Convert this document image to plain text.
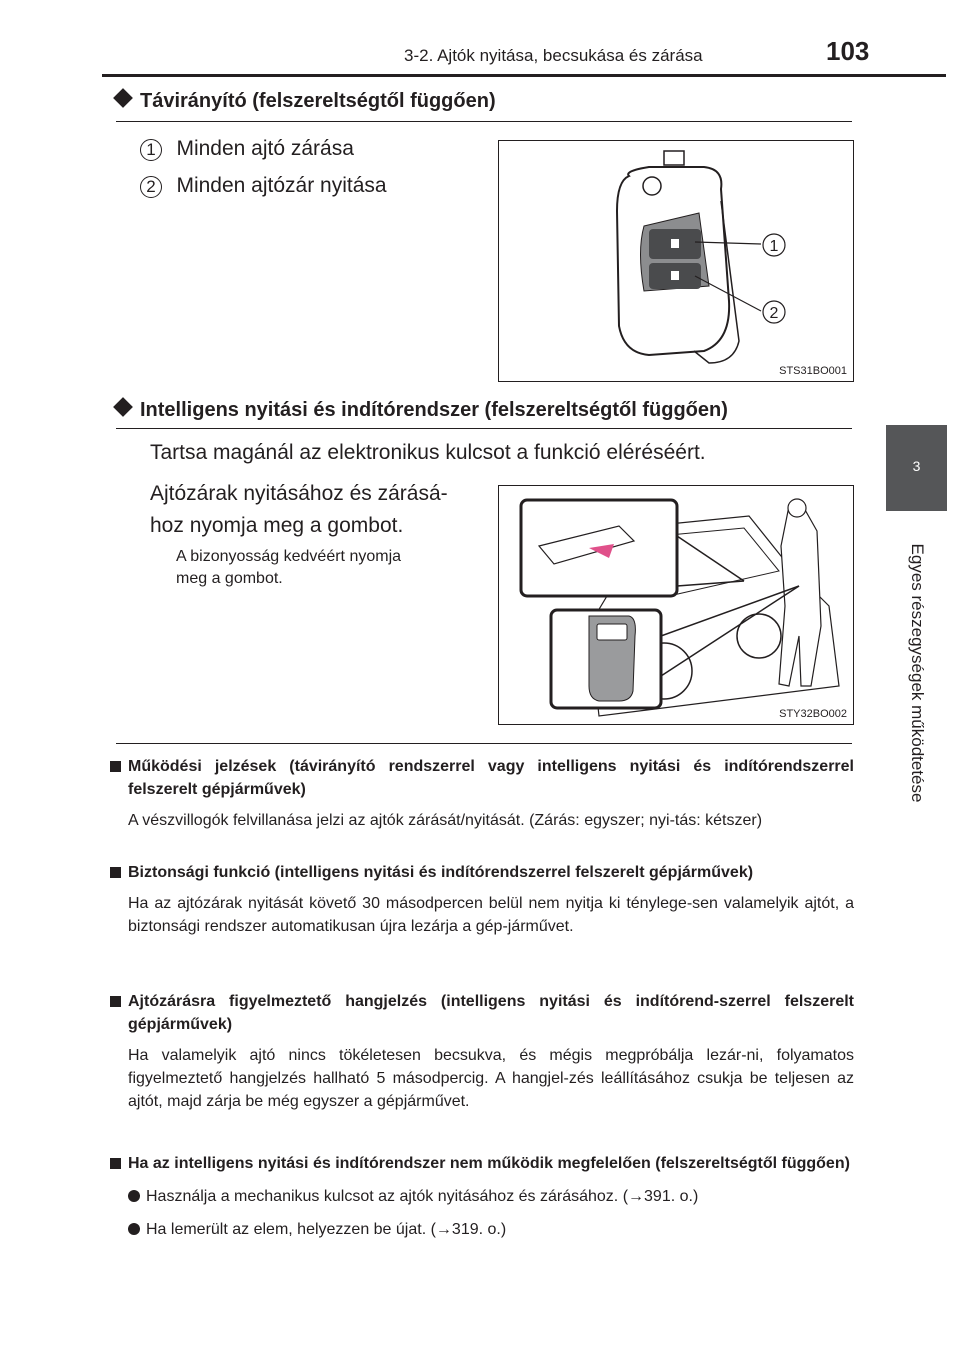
3-2. Ajtók nyitása, becsukása és zárása	103
3
Egyes részegységek működtetése
Távirányító (felszereltségtől függően)
1 Minden ajtó zárása
2 Minden ajtózár nyitása
1
2
STS31BO001
Intelligens nyitási és indítórendszer (felszereltségtől függően)
Tartsa magánál az elektronikus kulcsot a funkció eléréséért.
Ajtózárak nyitásához és zárásá-
hoz nyomja meg a gombot.
A bizonyosság kedvéért nyomja
meg a gombot.
STY32BO002
Működési jelzések (távirányító rendszerrel vagy intelligens nyitási és indítórendszerrel felszerelt gépjárművek)
A vészvillogók felvillanása jelzi az ajtók zárását/nyitását. (Zárás: egyszer; nyi-tás: kétszer)
Biztonsági funkció (intelligens nyitási és indítórendszerrel felszerelt gépjárművek)
Ha az ajtózárak nyitását követő 30 másodpercen belül nem nyitja ki ténylege-sen valamelyik ajtót, a biztonsági rendszer automatikusan újra lezárja a gép-járművet.
Ajtózárásra figyelmeztető hangjelzés (intelligens nyitási és indítórend-szerrel felszerelt gépjárművek)
Ha valamelyik ajtó nincs tökéletesen becsukva, és mégis megpróbálja lezár-ni, folyamatos figyelmeztető hangjelzés hallható 5 másodpercig. A hangjel-zés leállításához csukja be teljesen az ajtót, majd zárja be még egyszer a gépjárművet.
Ha az intelligens nyitási és indítórendszer nem működik megfelelően (felszereltségtől függően)
Használja a mechanikus kulcsot az ajtók nyitásához és zárásához. (→391. o.)
Ha lemerült az elem, helyezzen be újat. (→319. o.)
